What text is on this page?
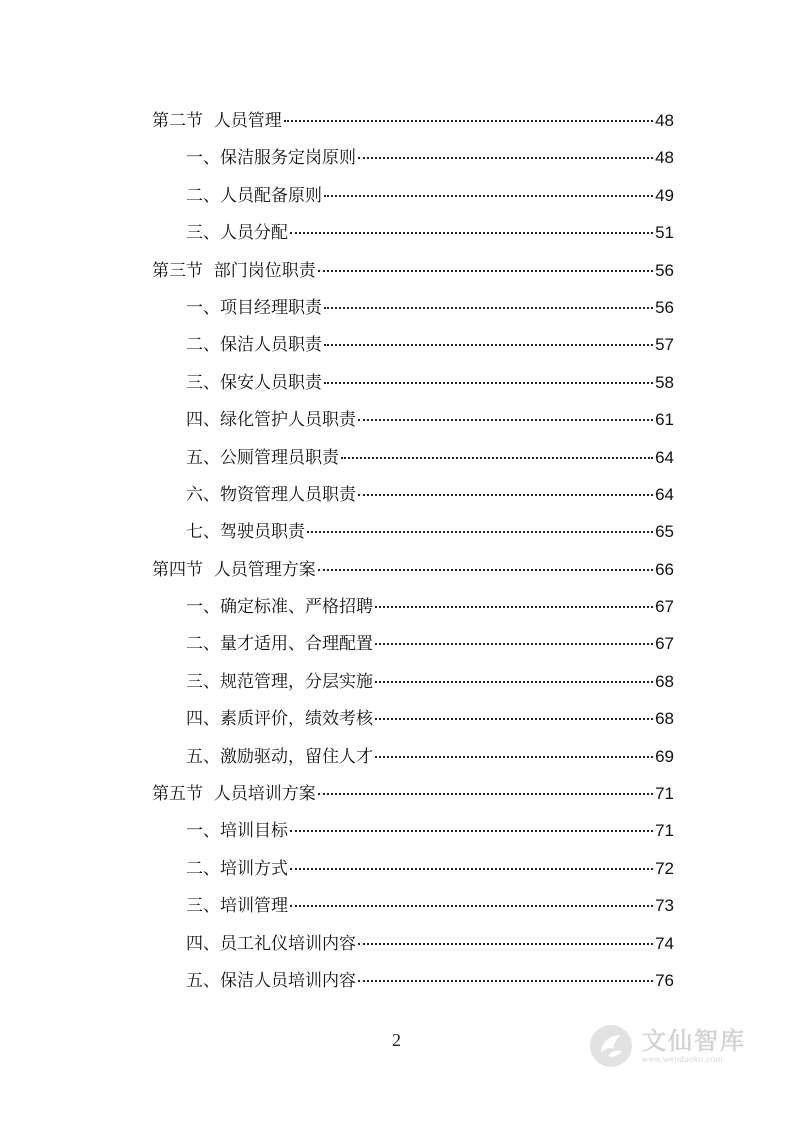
第二节  人员管理	48
一、保洁服务定岗原则	48
二、人员配备原则	49
三、人员分配	51
第三节  部门岗位职责	56
一、项目经理职责	56
二、保洁人员职责	57
三、保安人员职责	58
四、绿化管护人员职责	61
五、公厕管理员职责	64
六、物资管理人员职责	64
七、驾驶员职责	65
第四节  人员管理方案	66
一、确定标准、严格招聘	67
二、量才适用、合理配置	67
三、规范管理，分层实施	68
四、素质评价，绩效考核	68
五、激励驱动，留住人才	69
第五节  人员培训方案	71
一、培训目标	71
二、培训方式	72
三、培训管理	73
四、员工礼仪培训内容	74
五、保洁人员培训内容	76
2	文仙智库
www.wenduoku.com
